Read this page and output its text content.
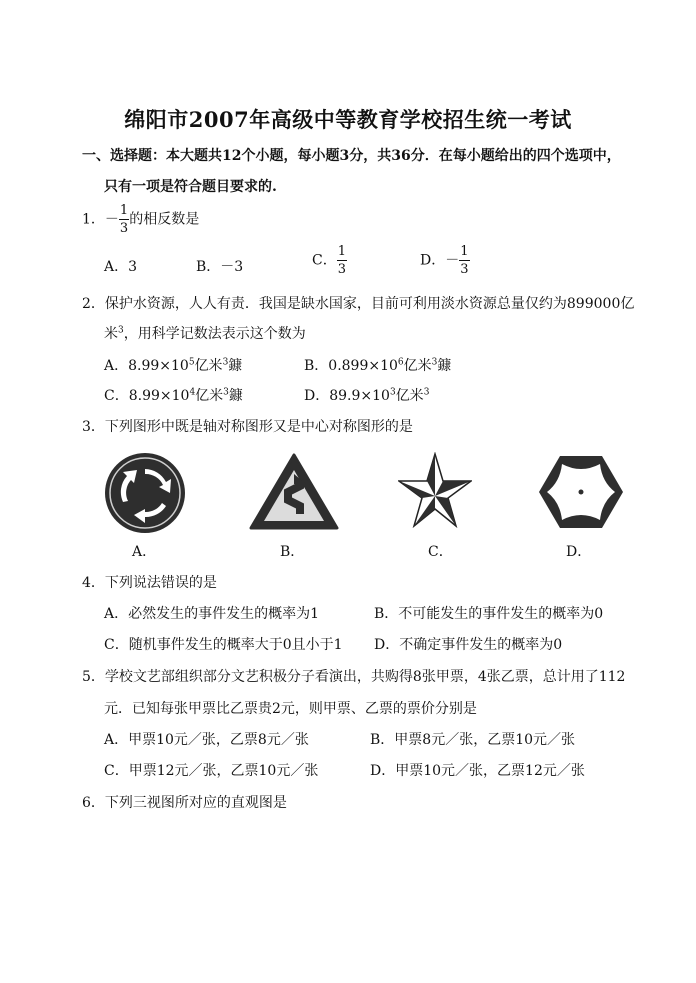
绵阳市2007年高级中等教育学校招生统一考试
一、选择题：本大题共12个小题，每小题3分，共36分．在每小题给出的四个选项中，
只有一项是符合题目要求的.
1．－ $\frac{1}{3}$ 的相反数是
A．3	B．－3	C． $\frac{1}{3}$	D．－ $\frac{1}{3}$
2．保护水资源，人人有责．我国是缺水国家，目前可利用淡水资源总量仅约为899000亿
米$^3$，用科学记数法表示这个数为
A．$8.99\times 10^5$亿米$^3$鏮	B．$0.899\times 10^6$亿米$^3$鏮
C．$8.99\times 10^4$亿米$^3$鏮	D．$89.9\times 10^3$亿米$^3$
3．下列图形中既是轴对称图形又是中心对称图形的是
A．	B．	C．	D．
4．下列说法错误的是
A．必然发生的事件发生的概率为1	B．不可能发生的事件发生的概率为0
C．随机事件发生的概率大于0且小于1 D．不确定事件发生的概率为0
5．学校文艺部组织部分文艺积极分子看演出，共购得8张甲票，4张乙票，总计用了112
元．已知每张甲票比乙票贵2元，则甲票、乙票的票价分别是
A．甲票10元／张，乙票8元／张	B．甲票8元／张，乙票10元／张
C．甲票12元／张，乙票10元／张	D．甲票10元／张，乙票12元／张
6．下列三视图所对应的直观图是
